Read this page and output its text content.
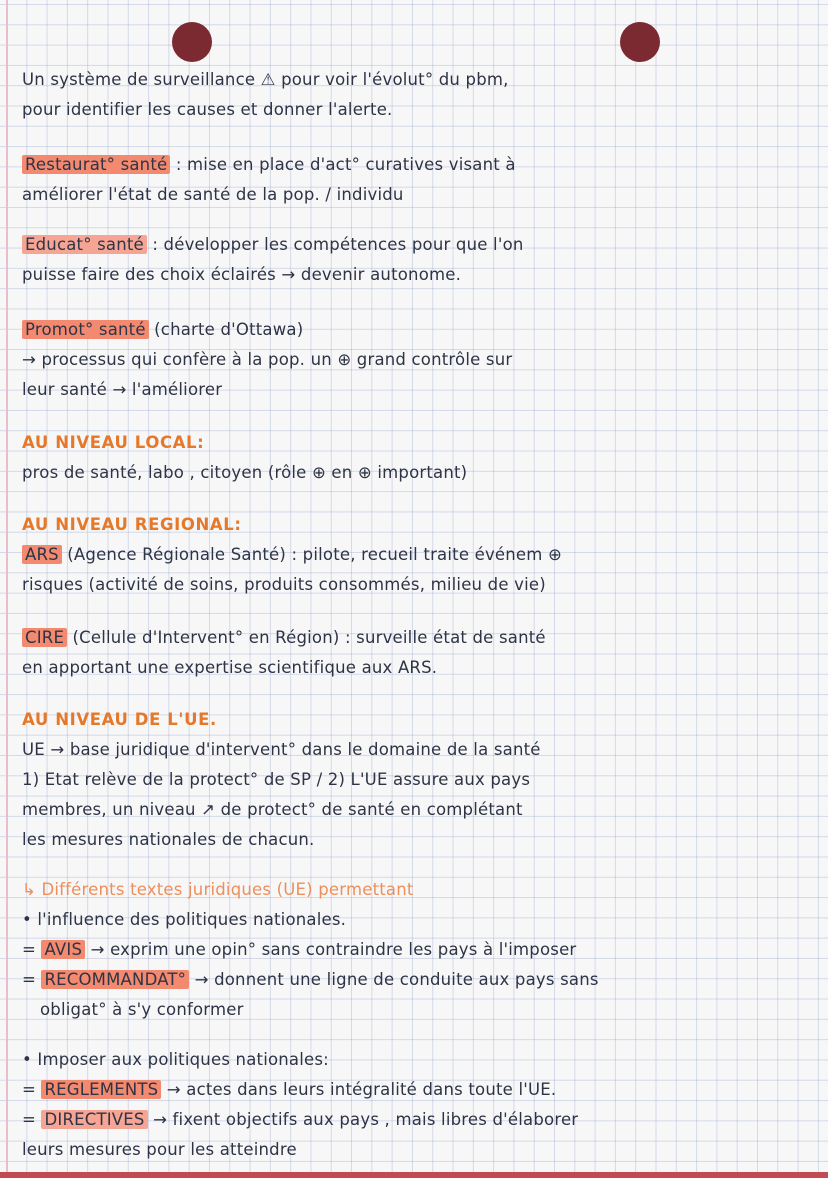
Un système de surveillance ⚠ pour voir l'évolut° du pbm,
pour identifier les causes et donner l'alerte.
Restaurat° santé : mise en place d'act° curatives visant à
améliorer l'état de santé de la pop. / individu
Educat° santé : développer les compétences pour que l'on
puisse faire des choix éclairés → devenir autonome.
Promot° santé (charte d'Ottawa)
→ processus qui confère à la pop. un ⊕ grand contrôle sur
leur santé → l'améliorer
AU NIVEAU LOCAL:
pros de santé, labo , citoyen (rôle ⊕ en ⊕ important)
AU NIVEAU REGIONAL:
ARS (Agence Régionale Santé) : pilote, recueil traite événem ⊕
risques (activité de soins, produits consommés, milieu de vie)
CIRE (Cellule d'Intervent° en Région) : surveille état de santé
en apportant une expertise scientifique aux ARS.
AU NIVEAU DE L'UE.
UE → base juridique d'intervent° dans le domaine de la santé
1) Etat relève de la protect° de SP / 2) L'UE assure aux pays
membres, un niveau ↗ de protect° de santé en complétant
les mesures nationales de chacun.
↳ Différents textes juridiques (UE) permettant
• l'influence des politiques nationales.
= AVIS → exprim une opin° sans contraindre les pays à l'imposer
= RECOMMANDAT° → donnent une ligne de conduite aux pays sans
obligat° à s'y conformer
• Imposer aux politiques nationales:
= REGLEMENTS → actes dans leurs intégralité dans toute l'UE.
= DIRECTIVES → fixent objectifs aux pays , mais libres d'élaborer
leurs mesures pour les atteindre
